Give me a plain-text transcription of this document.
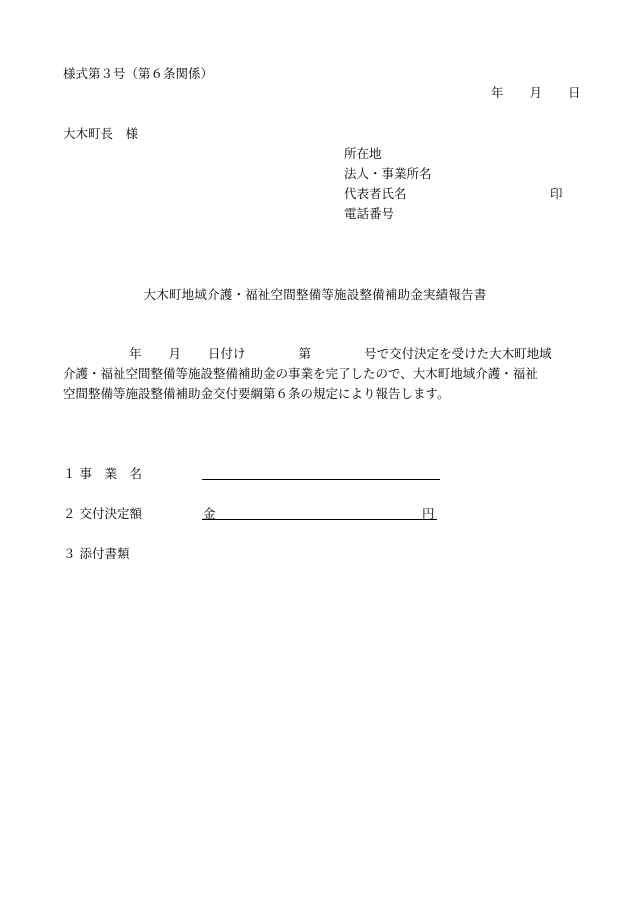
様式第３号（第６条関係）
年 月 日
大木町長　様
所在地
法人・事業所名
代表者氏名
電話番号
印
大木町地域介護・福祉空間整備等施設整備補助金実績報告書
年 月 日付け	第	号で交付決定を受けた大木町地域
介護・福祉空間整備等施設整備補助金の事業を完了したので、大木町地域介護・福祉
空間整備等施設整備補助金交付要綱第６条の規定により報告します。
１ 事　業　名
２ 交付決定額	金	円
３ 添付書類
